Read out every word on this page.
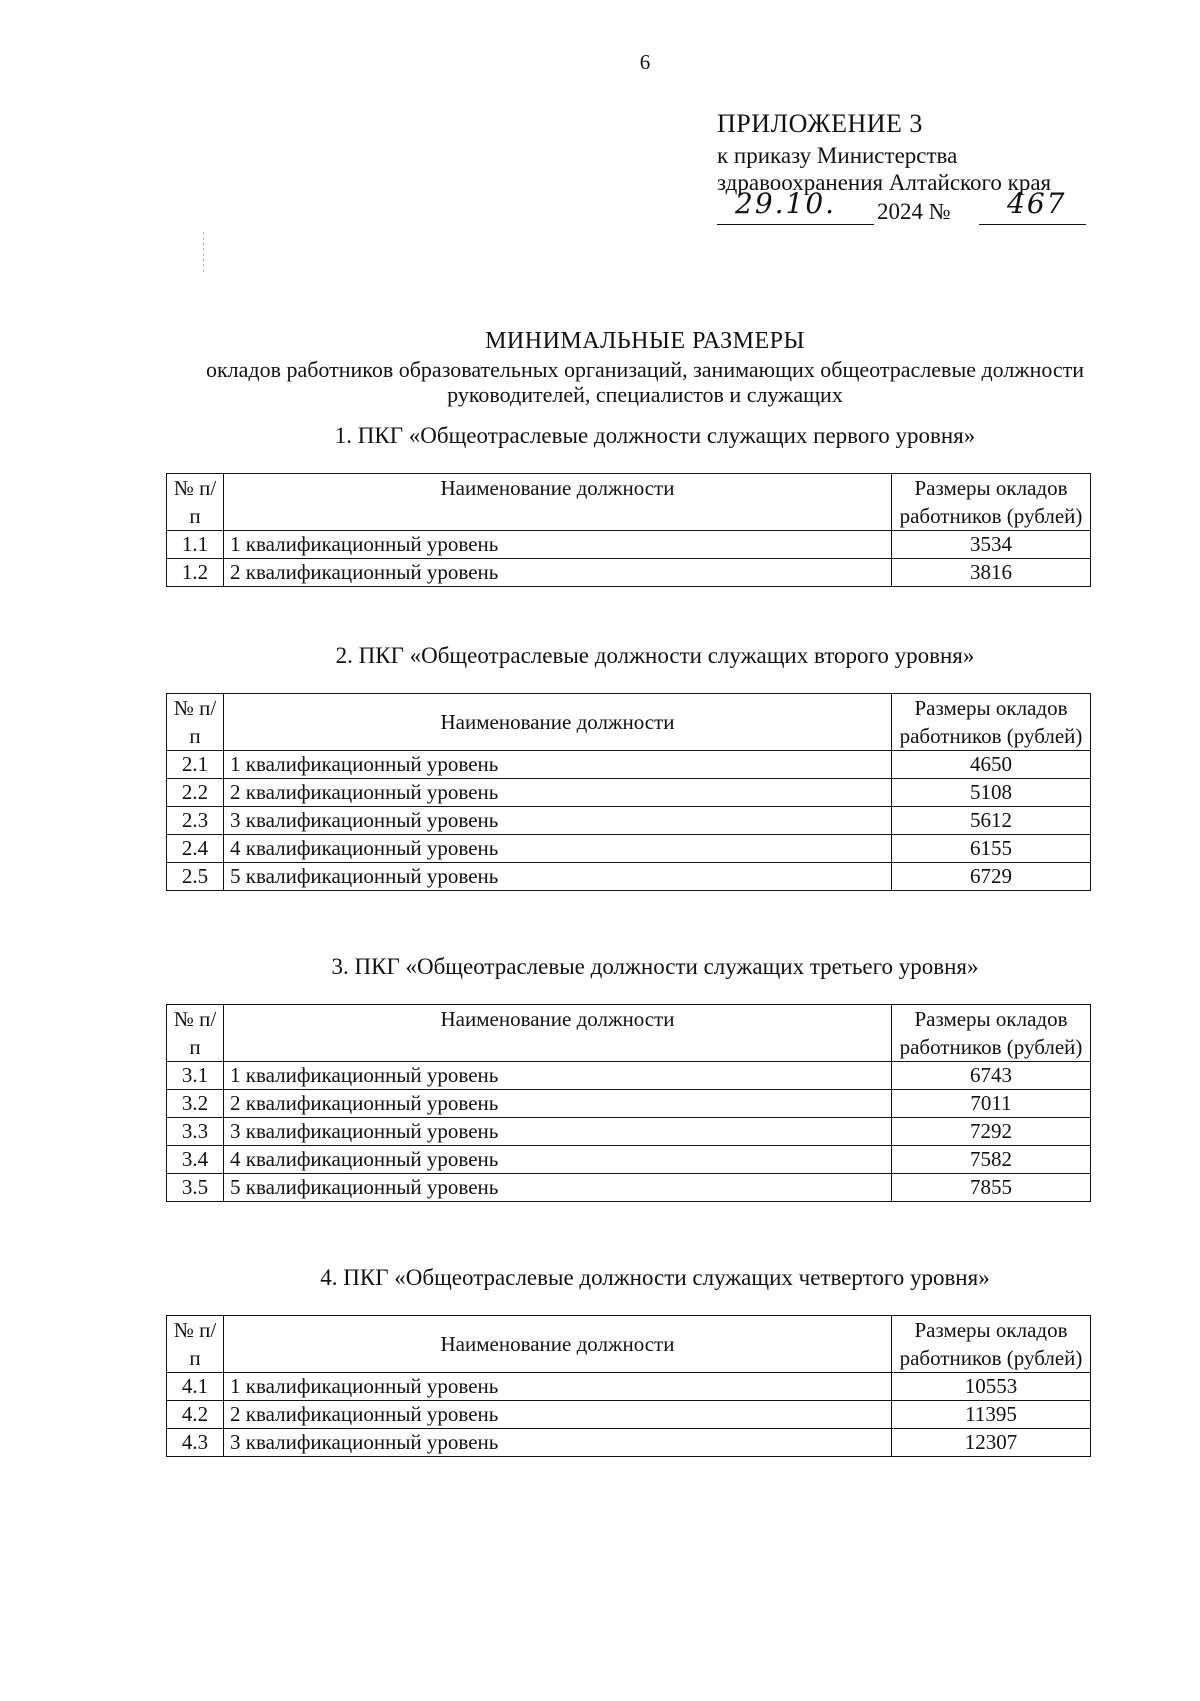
6
ПРИЛОЖЕНИЕ 3
к приказу Министерства
здравоохранения Алтайского края
29.10. 2024 № 467
МИНИМАЛЬНЫЕ РАЗМЕРЫ
окладов работников образовательных организаций, занимающих общеотраслевые должности руководителей, специалистов и служащих
1. ПКГ «Общеотраслевые должности служащих первого уровня»
№ п/п	Наименование должности	Размеры окладов работников (рублей)
1.1	1 квалификационный уровень	3534
1.2	2 квалификационный уровень	3816
2. ПКГ «Общеотраслевые должности служащих второго уровня»
№ п/п	Наименование должности	Размеры окладов работников (рублей)
2.1	1 квалификационный уровень	4650
2.2	2 квалификационный уровень	5108
2.3	3 квалификационный уровень	5612
2.4	4 квалификационный уровень	6155
2.5	5 квалификационный уровень	6729
3. ПКГ «Общеотраслевые должности служащих третьего уровня»
№ п/п	Наименование должности	Размеры окладов работников (рублей)
3.1	1 квалификационный уровень	6743
3.2	2 квалификационный уровень	7011
3.3	3 квалификационный уровень	7292
3.4	4 квалификационный уровень	7582
3.5	5 квалификационный уровень	7855
4. ПКГ «Общеотраслевые должности служащих четвертого уровня»
№ п/п	Наименование должности	Размеры окладов работников (рублей)
4.1	1 квалификационный уровень	10553
4.2	2 квалификационный уровень	11395
4.3	3 квалификационный уровень	12307
